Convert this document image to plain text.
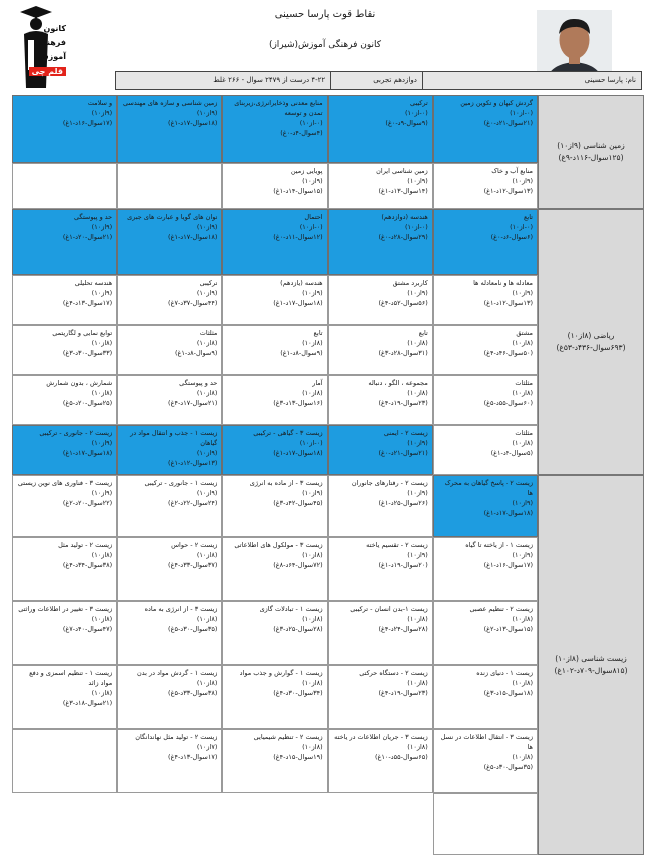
کانون
فرهنگی
آموزش
قلم چی
نقاط قوت پارسا حسینی
کانون فرهنگی آموزش(شیراز)
نام: پارسا حسینی
دوازدهم تجربی
۴-۲۲ درست از ۲۴۷۹ سوال - ۲۶۶ غلط
زمین شناسی (۹از۱۰) (۱۲۵سوال-۱۱۶د-۹غ)
ریاضی (۸از۱۰) (۶۹۳سوال-۴۳۶د-۵۳غ)
زیست شناسی (۸از۱۰) (۸۱۵سوال-۷۰۹د-۱۰۲غ)
گردش کیهان و تکوین زمین
(۰-از۱۰)
(۲۱سوال-۲۱د-۰غ)
ترکیبی
(۰-از۱۰)
(۹سوال-۹د-۰غ)
منابع معدنی وذخایرانرژی،زیربنای تمدن و توسعه
(۰-از۱۰)
(۴سوال-۴د-۰غ)
زمین شناسی و سازه های مهندسی
(۹از۱۰)
(۱۸سوال-۱۷د-۱غ)
و سلامت
(۹از۱۰)
(۱۷سوال-۱۶د-۱غ)
منابع آب و خاک
(۹از۱۰)
(۱۳سوال-۱۲د-۱غ)
زمین شناسی ایران
(۹از۱۰)
(۱۴سوال-۱۳د-۱غ)
پویایی زمین
(۹از۱۰)
(۱۵سوال-۱۴د-۱غ)
تابع
(۰-از۱۰)
(۶سوال-۶د-۰غ)
هندسه (دوازدهم)
(۰-از۱۰)
(۲۹سوال-۲۸د-۰غ)
احتمال
(۰-از۱۰)
(۱۲سوال-۱۱د-۰غ)
توان های گویا و عبارت های جبری
(۹از۱۰)
(۱۸سوال-۱۷د-۱غ)
حد و پیوستگی
(۹از۱۰)
(۲۱سوال-۲۰د-۱غ)
معادله ها و نامعادله ها
(۹از۱۰)
(۱۳سوال-۱۲د-۱غ)
کاربرد مشتق
(۹از۱۰)
(۵۶سوال-۵۲د-۴غ)
هندسه (یازدهم)
(۹از۱۰)
(۱۸سوال-۱۷د-۱غ)
ترکیبی
(۹از۱۰)
(۴۴سوال-۳۷د-۷غ)
هندسه تحلیلی
(۹از۱۰)
(۱۷سوال-۱۳د-۴غ)
مشتق
(۸از۱۰)
(۵۰سوال-۴۶د-۴غ)
تابع
(۸از۱۰)
(۳۱سوال-۲۸د-۳غ)
تابع
(۸از۱۰)
(۹سوال-۸د-۱غ)
مثلثات
(۸از۱۰)
(۹سوال-۸د-۱غ)
توابع نمایی و لگاریتمی
(۸از۱۰)
(۳۳سوال-۳۰د-۳غ)
مثلثات
(۸از۱۰)
(۶۰سوال-۵۵د-۵غ)
مجموعه ، الگو ، دنباله
(۸از۱۰)
(۲۳سوال-۱۹د-۴غ)
آمار
(۸از۱۰)
(۱۶سوال-۱۳د-۳غ)
حد و پیوستگی
(۸از۱۰)
(۲۱سوال-۱۷د-۴غ)
شمارش ، بدون شمارش
(۸از۱۰)
(۲۵سوال-۲۰د-۵غ)
مثلثات
(۸از۱۰)
(۵سوال-۴د-۱غ)
زیست ۲ - ایمنی
(۹از۱۰)
(۲۱سوال-۲۱د-۰غ)
زیست ۳ - گیاهی - ترکیبی
(۰-از۱۰)
(۱۸سوال-۱۷د-۱غ)
زیست ۱ - جذب و انتقال مواد در گیاهان
(۹از۱۰)
(۱۳سوال-۱۲د-۱غ)
زیست ۲ - جانوری - ترکیبی
(۹از۱۰)
(۱۸سوال-۱۷د-۱غ)
زیست ۲ - پاسخ گیاهان به محرک ها
(۹از۱۰)
(۱۸سوال-۱۷د-۱غ)
زیست ۲ - رفتارهای جانوران
(۹از۱۰)
(۲۶سوال-۲۵د-۱غ)
زیست ۳ - از ماده به انرژی
(۹از۱۰)
(۴۵سوال-۴۲د-۳غ)
زیست ۱ - جانوری - ترکیبی
(۹از۱۰)
(۲۴سوال-۲۲د-۲غ)
زیست ۳ - فناوری های نوین زیستی
(۹از۱۰)
(۲۲سوال-۲۰د-۲غ)
زیست ۱ - از یاخته تا گیاه
(۹از۱۰)
(۱۷سوال-۱۶د-۱غ)
زیست ۲ - تقسیم یاخته
(۹از۱۰)
(۲۰سوال-۱۹د-۱غ)
زیست ۳ - مولکول های اطلاعاتی
(۸از۱۰)
(۷۲سوال-۶۴د-۸غ)
زیست ۲ - حواس
(۸از۱۰)
(۳۷سوال-۳۳د-۴غ)
زیست ۲ - تولید مثل
(۸از۱۰)
(۳۸سوال-۳۴د-۴غ)
زیست ۲ - تنظیم عصبی
(۸از۱۰)
(۱۵سوال-۱۳د-۲غ)
زیست ۱-بدن انسان - ترکیبی
(۸از۱۰)
(۲۸سوال-۲۴د-۴غ)
زیست ۱ - تبادلات گازی
(۸از۱۰)
(۲۸سوال-۲۵د-۳غ)
زیست ۳ - از انرژی به ماده
(۸از۱۰)
(۳۵سوال-۳۰د-۵غ)
زیست ۳ - تغییر در اطلاعات وراثتی
(۸از۱۰)
(۴۷سوال-۴۰د-۷غ)
زیست ۱ - دنیای زنده
(۸از۱۰)
(۱۸سوال-۱۵د-۳غ)
زیست ۲ - دستگاه حرکتی
(۸از۱۰)
(۲۳سوال-۱۹د-۴غ)
زیست ۱ - گوارش و جذب مواد
(۸از۱۰)
(۳۴سوال-۳۰د-۴غ)
زیست ۱ - گردش مواد در بدن
(۸از۱۰)
(۳۸سوال-۳۳د-۵غ)
زیست ۱ - تنظیم اسمزی و دفع مواد زائد
(۸از۱۰)
(۲۱سوال-۱۸د-۳غ)
زیست ۳ - انتقال اطلاعات در نسل ها
(۸از۱۰)
(۳۵سوال-۳۰د-۵غ)
زیست ۳ - جریان اطلاعات در یاخته
(۸از۱۰)
(۶۵سوال-۵۵د-۱۰غ)
زیست ۲ - تنظیم شیمیایی
(۸از۱۰)
(۱۹سوال-۱۵د-۴غ)
زیست ۲ - تولید مثل نهاندانگان
(۷از۱۰)
(۱۷سوال-۱۳د-۴غ)
